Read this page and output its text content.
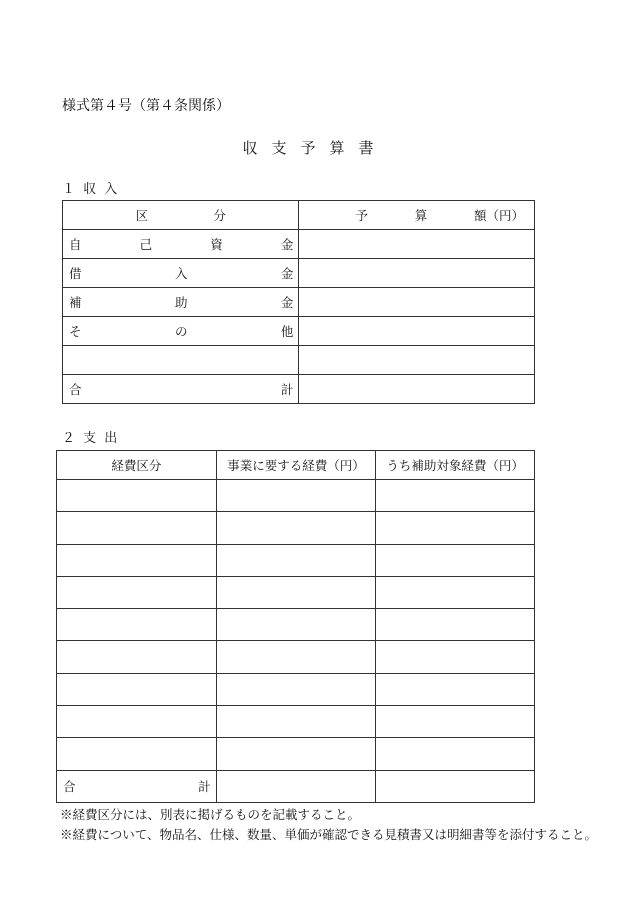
様式第４号（第４条関係）
収支予算書
１ 収 入
区 分	予 算 額（円）

自 己 資 金	

借 入 金	

補 助 金	

そ の 他	

合 計	

２ 支 出
経費区分	事業に要する経費（円）	うち補助対象経費（円）

合 計		

※経費区分には、別表に掲げるものを記載すること。
※経費について、物品名、仕様、数量、単価が確認できる見積書又は明細書等を添付すること。
